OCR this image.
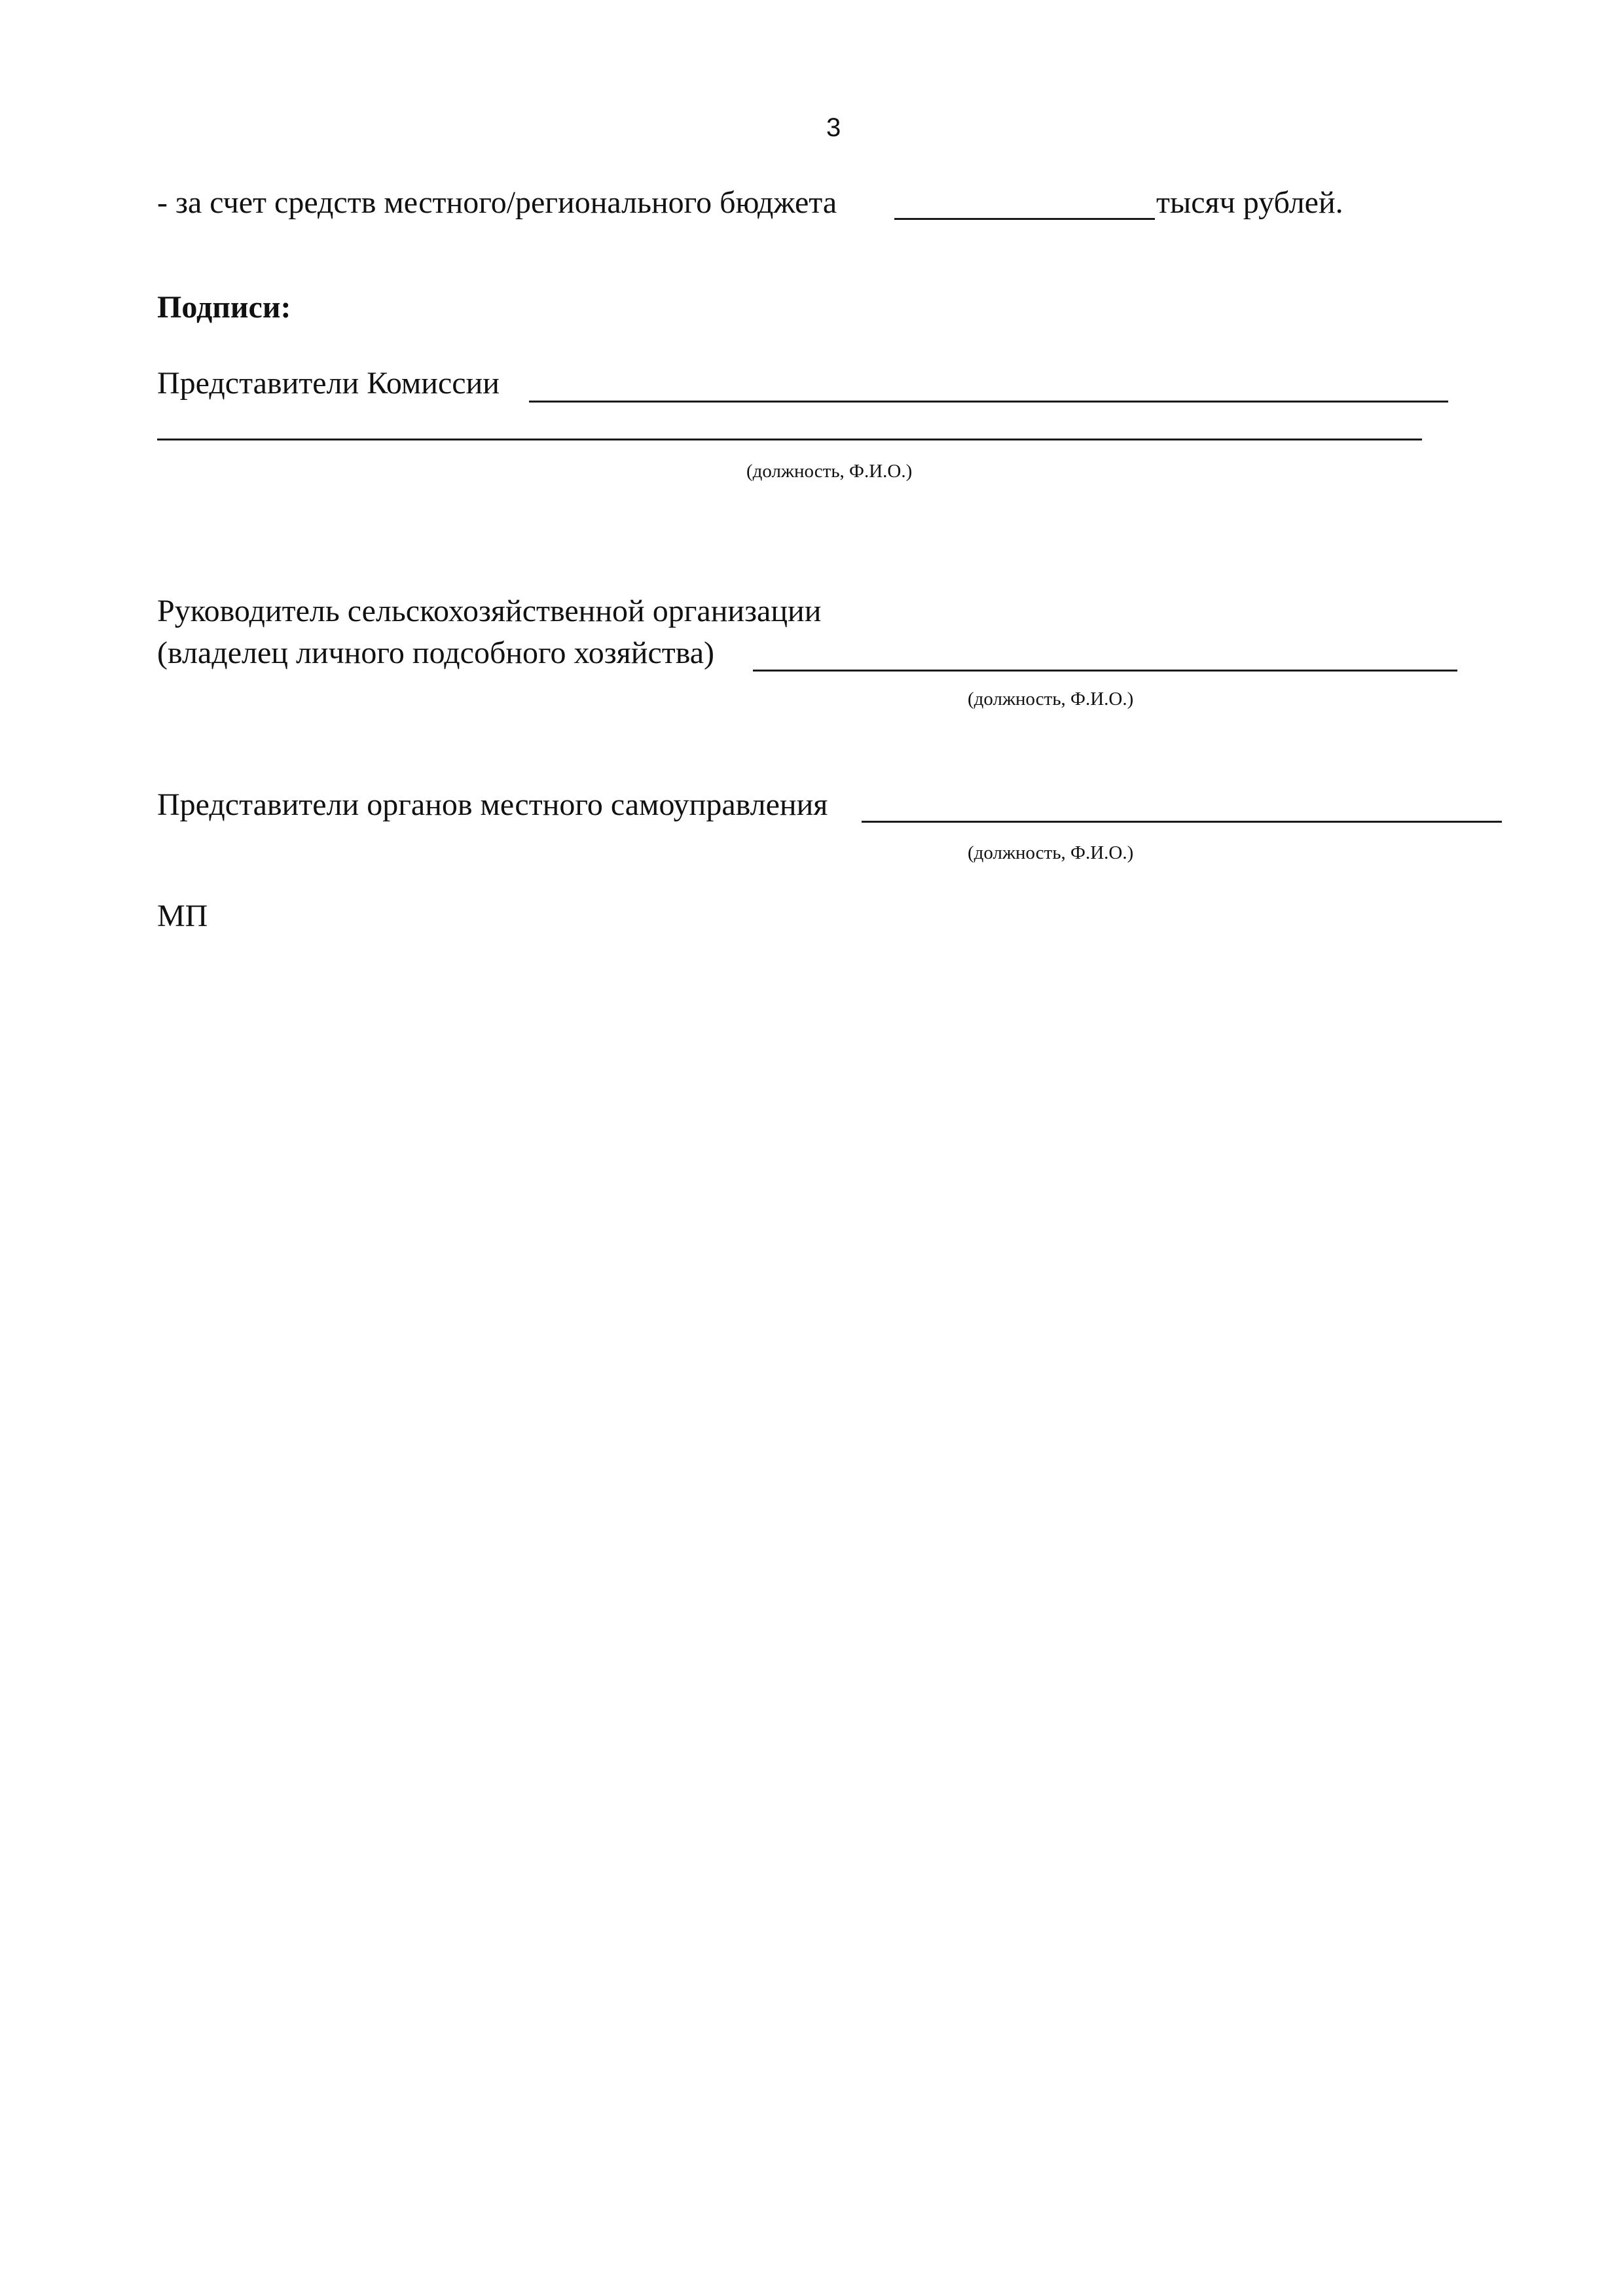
3
- за счет средств местного/регионального бюджета	тысяч рублей.
Подписи:
Представители Комиссии
(должность, Ф.И.О.)
Руководитель сельскохозяйственной организации
(владелец личного подсобного хозяйства)
(должность, Ф.И.О.)
Представители органов местного самоуправления
(должность, Ф.И.О.)
МП
